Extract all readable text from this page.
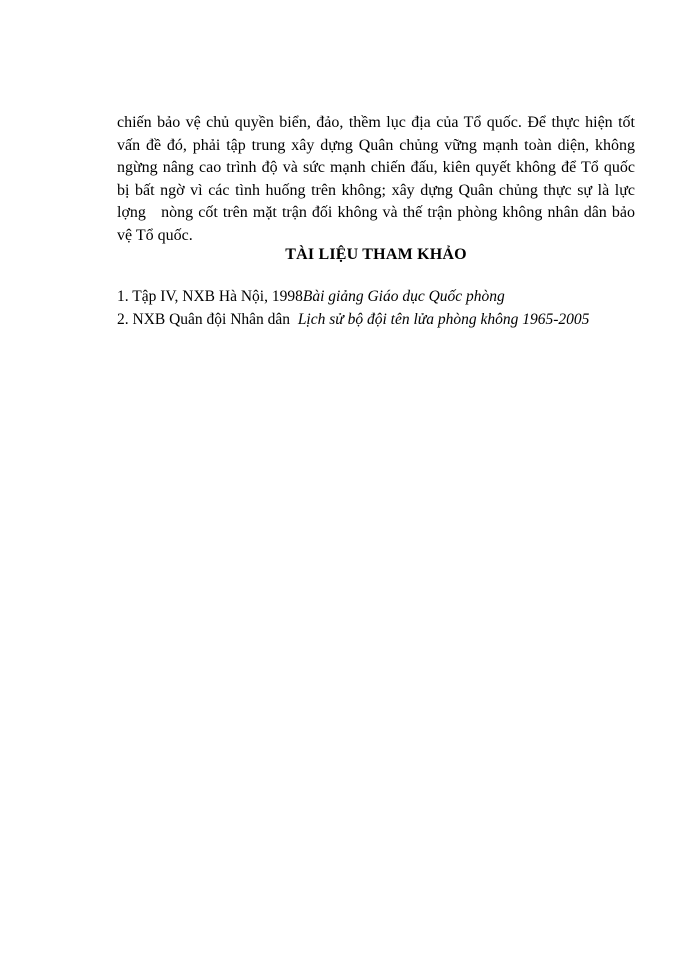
chiến bảo vệ chủ quyền biển, đảo, thềm lục địa của Tổ quốc. Để thực hiện tốt
vấn đề đó, phải tập trung xây dựng Quân chủng vững mạnh toàn diện, không
ngừng nâng cao trình độ và sức mạnh chiến đấu, kiên quyết không để Tổ quốc
bị bất ngờ vì các tình huống trên không; xây dựng Quân chủng thực sự là lực
lợng   nòng cốt trên mặt trận đối không và thế trận phòng không nhân dân bảo
vệ Tổ quốc.
TÀI LIỆU THAM KHẢO
1. Tập IV, NXB Hà Nội, 1998Bài giảng Giáo dục Quốc phòng
2. NXB Quân đội Nhân dân  Lịch sử bộ đội tên lửa phòng không 1965-2005
